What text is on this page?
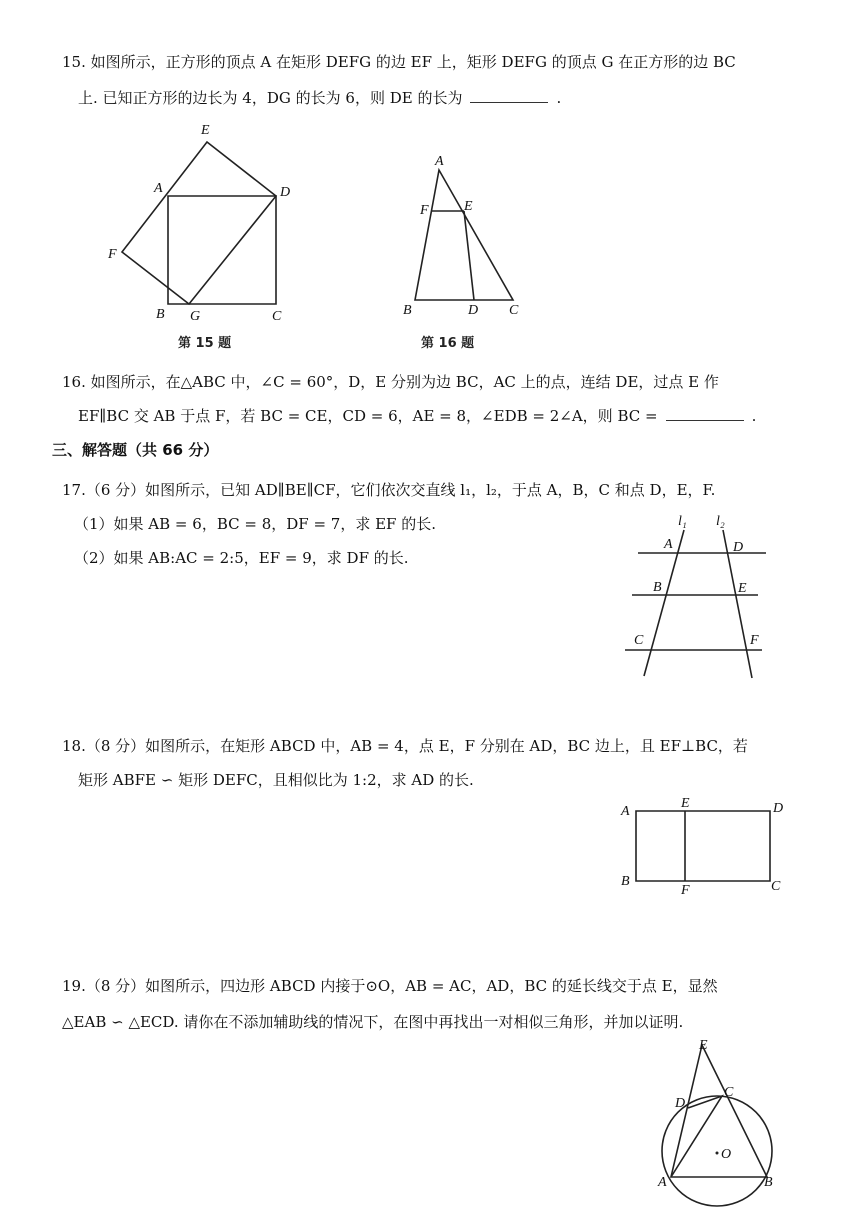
15. 如图所示，正方形的顶点 A 在矩形 DEFG 的边 EF 上，矩形 DEFG 的顶点 G 在正方形的边 BC
上. 已知正方形的边长为 4，DG 的长为 6，则 DE 的长为	.
E
A	D
F
B G	C
第 15 题
A
F	E
B	D C
第 16 题
16. 如图所示，在△ABC 中，∠C = 60°，D，E 分别为边 BC，AC 上的点，连结 DE，过点 E 作
EF∥BC 交 AB 于点 F，若 BC = CE，CD = 6，AE = 8，∠EDB = 2∠A，则 BC =	.
三、解答题（共 66 分）
17.（6 分）如图所示，已知 AD∥BE∥CF，它们依次交直线 l₁，l₂，于点 A，B，C 和点 D，E，F.
（1）如果 AB = 6，BC = 8，DF = 7，求 EF 的长.
（2）如果 AB:AC = 2:5，EF = 9，求 DF 的长.
l₁ l₂
A	D
B	E
C	F
18.（8 分）如图所示，在矩形 ABCD 中，AB = 4，点 E，F 分别在 AD，BC 边上，且 EF⊥BC，若
矩形 ABFE ∽ 矩形 DEFC，且相似比为 1:2，求 AD 的长.
A
E	D
B
F	C
19.（8 分）如图所示，四边形 ABCD 内接于⊙O，AB = AC，AD，BC 的延长线交于点 E，显然
△EAB ∽ △ECD. 请你在不添加辅助线的情况下，在图中再找出一对相似三角形，并加以证明.
E
D
C
O
A	B
